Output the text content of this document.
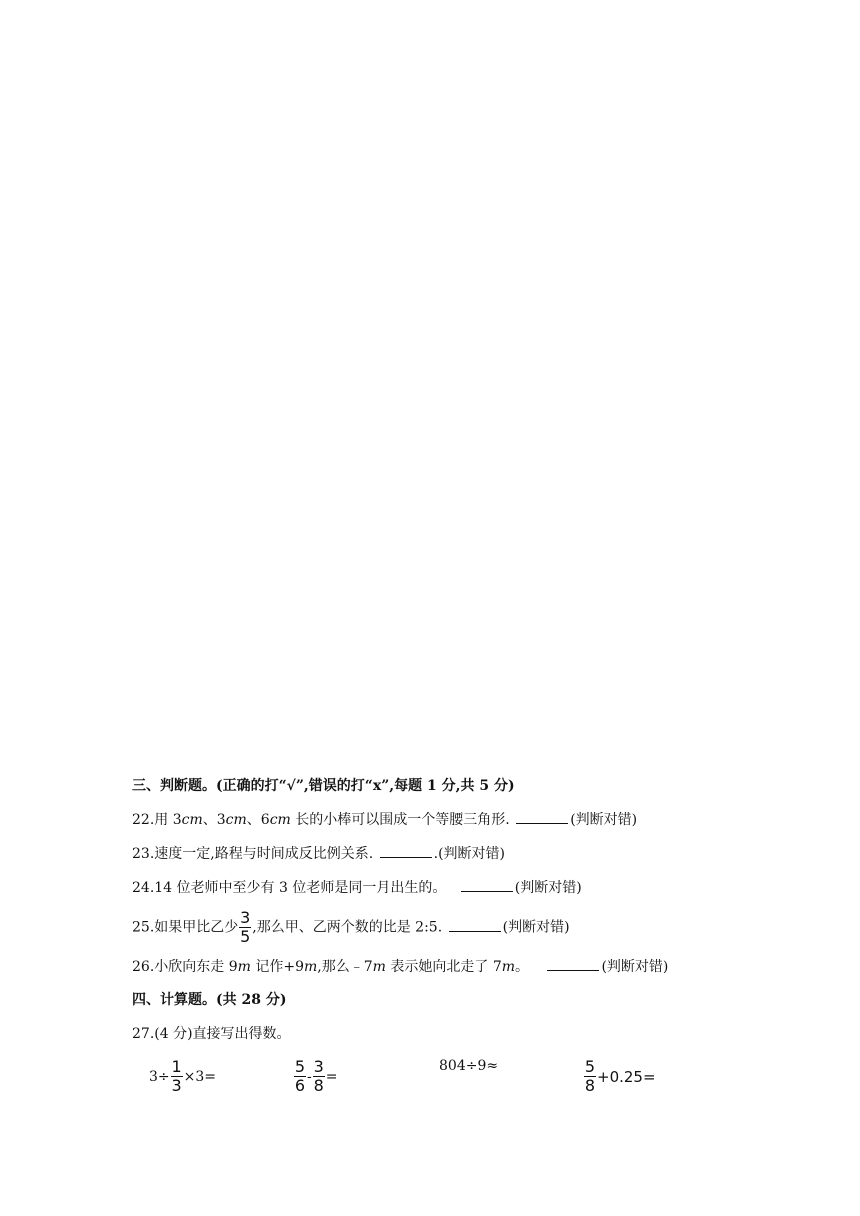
三、判断题。(正确的打“√”,错误的打“x”,每题 1 分,共 5 分)
22.用 3cm、3cm、6cm 长的小棒可以围成一个等腰三角形.	(判断对错)
23.速度一定,路程与时间成反比例关系.	.(判断对错)
24.14 位老师中至少有 3 位老师是同一月出生的。	(判断对错)
25.如果甲比乙少 $\frac{3}{5}$ ,那么甲、乙两个数的比是 2:5.	(判断对错)
26.小欣向东走 9m 记作+9m,那么﹣7m 表示她向北走了 7m。	(判断对错)
四、计算题。(共 28 分)
27.(4 分)直接写出得数。
$3\div \frac{1}{3} \times 3=$	$\frac{5}{6} - \frac{3}{8}$ =
804÷9≈	$\frac{5}{8} +0.25=$
